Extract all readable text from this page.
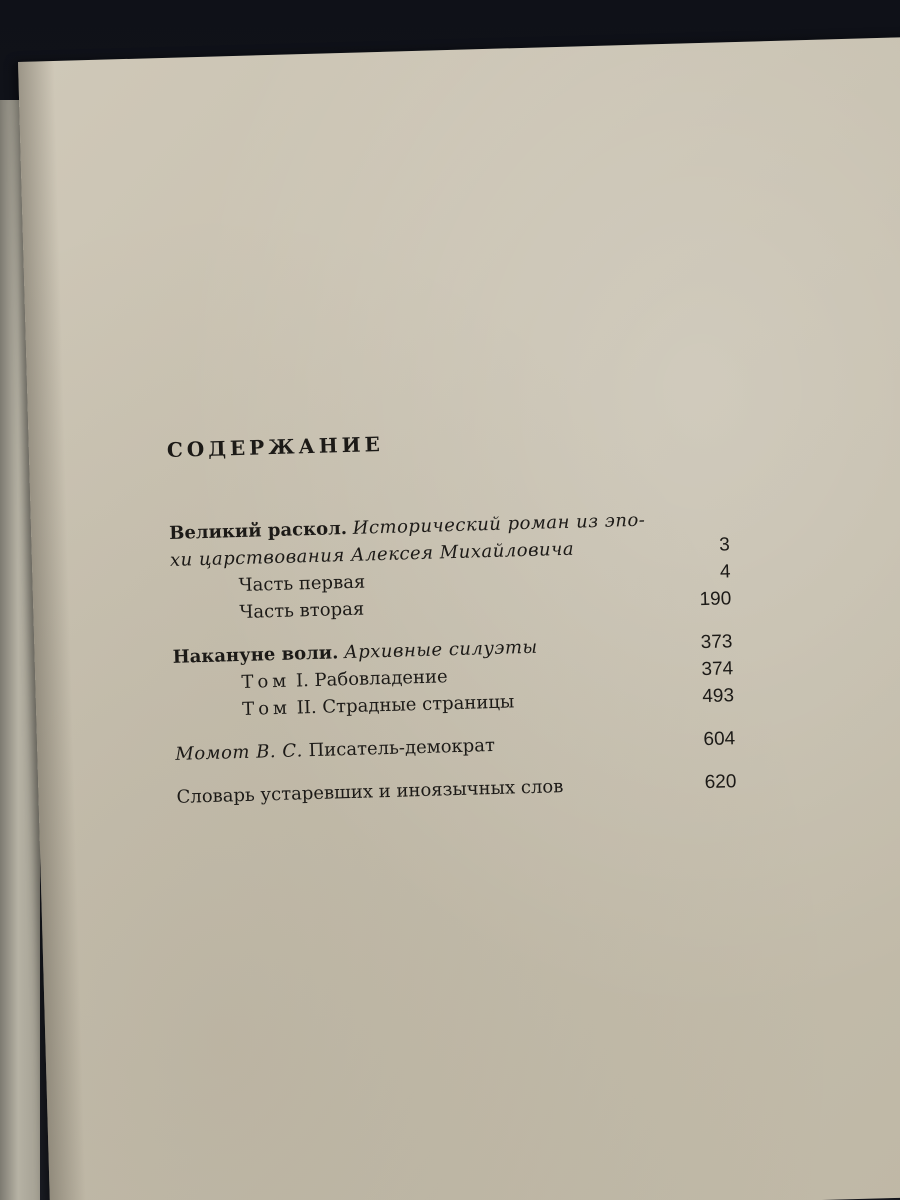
СОДЕРЖАНИЕ
Великий раскол. Исторический роман из эпо-
хи царствования Алексея Михайловича	3
Часть первая	4
Часть вторая	190
Накануне воли. Архивные силуэты	373
Том I. Рабовладение	374
Том II. Страдные страницы	493
Момот В. С. Писатель-демократ	604
Словарь устаревших и иноязычных слов	620
